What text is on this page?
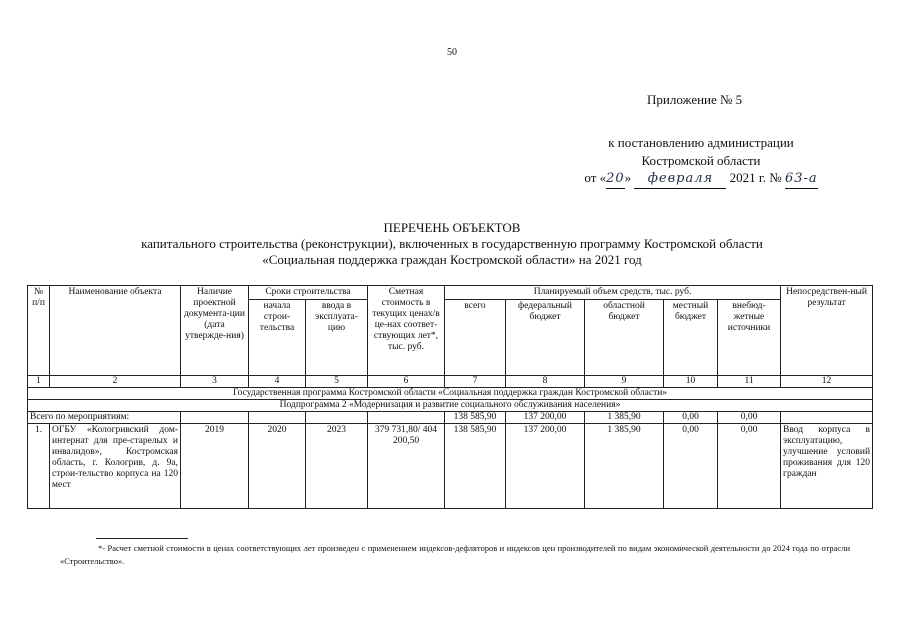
50
Приложение № 5
к постановлению администрации
Костромской области
от «20» февраля 2021 г. № 63-а
ПЕРЕЧЕНЬ ОБЪЕКТОВ
капитального строительства (реконструкции), включенных в государственную программу Костромской области
«Социальная поддержка граждан Костромской области» на 2021 год
№ п/п	Наименование объекта	Наличие проектной документа-ции (дата утвержде-ния)	Сроки строительства		Сметная стоимость в текущих ценах/в це-нах соответ-ствующих лет*, тыс. руб.	Планируемый объем средств, тыс. руб.					Непосредствен-ный результат
			начала строи-тельства	ввода в эксплуата-цию		всего	федеральный бюджет	областной бюджет	местный бюджет	внебюд-жетные источники	
1	2	3	4	5	6	7	8	9	10	11	12
Государственная программа Костромской области «Социальная поддержка граждан Костромской области»											
Подпрограмма 2 «Модернизация и развитие социального обслуживания населения»											
Всего по мероприятиям:						138 585,90	137 200,00	1 385,90	0,00	0,00	
1.	ОГБУ «Кологривский дом-интернат для пре-старелых и инвалидов», Костромская область, г. Кологрив, д. 9а, строи-тельство корпуса на 120 мест	2019	2020	2023	379 731,80/ 404 200,50	138 585,90	137 200,00	1 385,90	0,00	0,00	Ввод корпуса в эксплуатацию, улучшение условий проживания для 120 граждан
*- Расчет сметной стоимости в ценах соответствующих лет произведен с применением индексов-дефляторов и индексов цен производителей по видам экономической деятельности до 2024 года по отрасли «Строительство».
